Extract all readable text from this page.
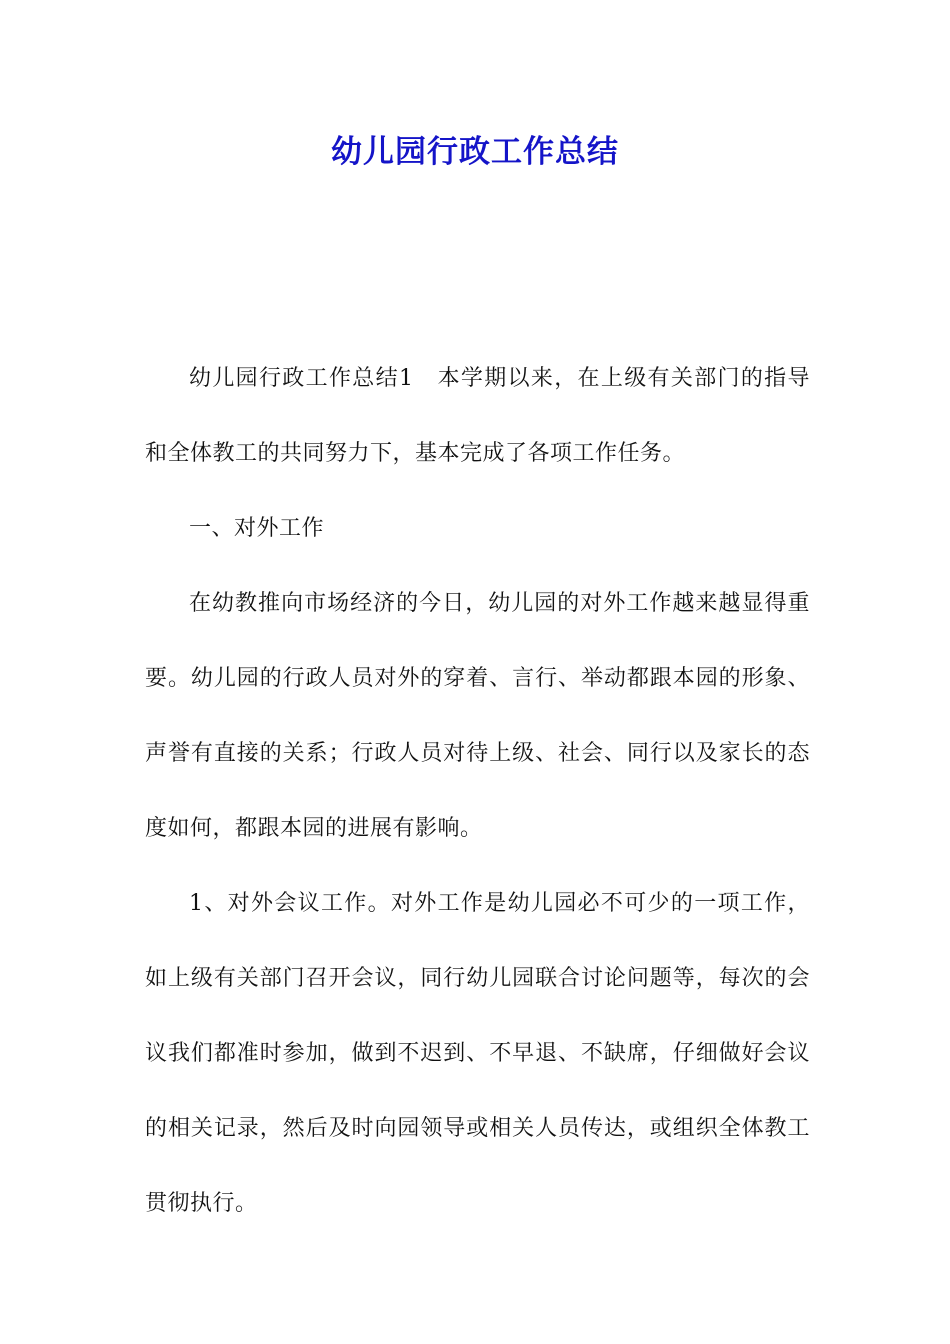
幼儿园行政工作总结

幼儿园行政工作总结1　本学期以来，在上级有关部门的指导和全体教工的共同努力下，基本完成了各项工作任务。

一、对外工作

在幼教推向市场经济的今日，幼儿园的对外工作越来越显得重要。幼儿园的行政人员对外的穿着、言行、举动都跟本园的形象、声誉有直接的关系；行政人员对待上级、社会、同行以及家长的态度如何，都跟本园的进展有影响。

1、对外会议工作。对外工作是幼儿园必不可少的一项工作，如上级有关部门召开会议，同行幼儿园联合讨论问题等，每次的会议我们都准时参加，做到不迟到、不早退、不缺席，仔细做好会议的相关记录，然后及时向园领导或相关人员传达，或组织全体教工贯彻执行。
